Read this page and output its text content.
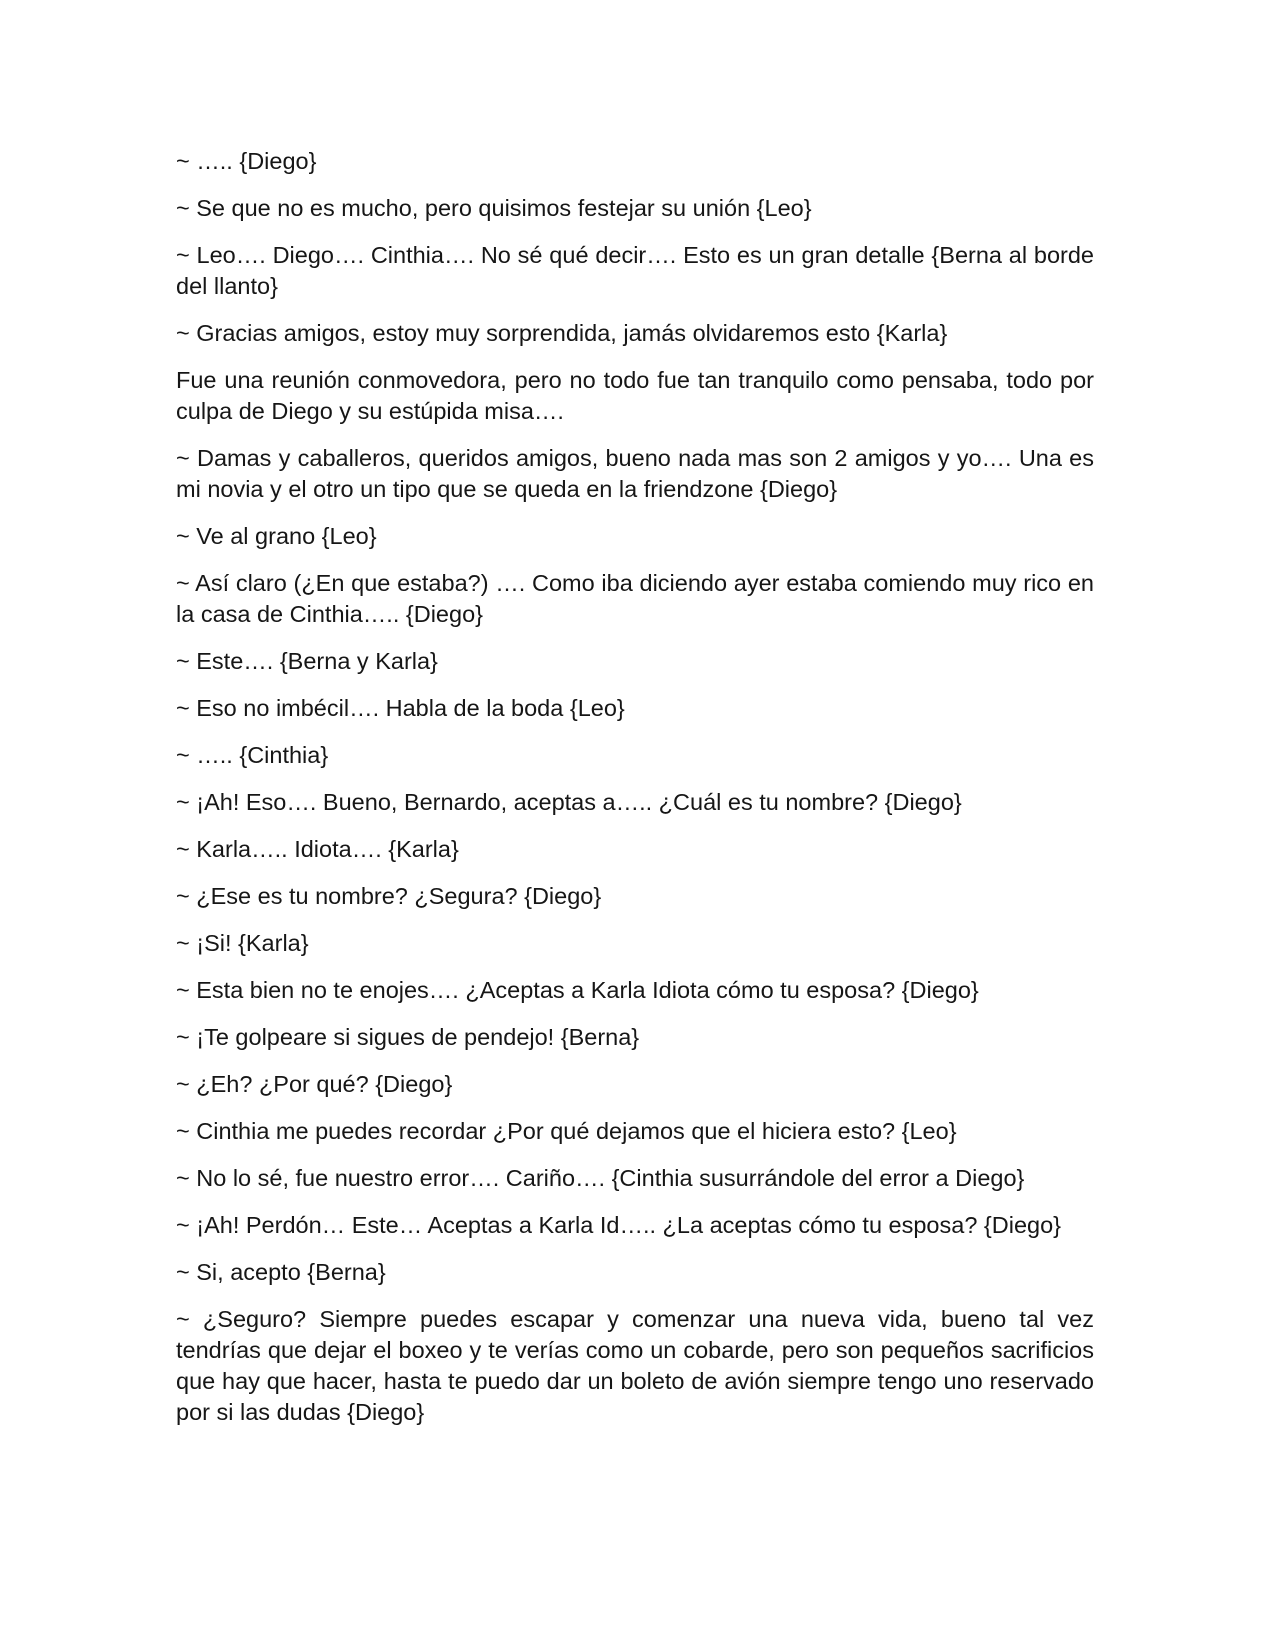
~ ….. {Diego}

~ Se que no es mucho, pero quisimos festejar su unión {Leo}

~ Leo…. Diego…. Cinthia…. No sé qué decir…. Esto es un gran detalle {Berna al borde del llanto}

~ Gracias amigos, estoy muy sorprendida, jamás olvidaremos esto {Karla}

Fue una reunión conmovedora, pero no todo fue tan tranquilo como pensaba, todo por culpa de Diego y su estúpida misa….

~ Damas y caballeros, queridos amigos, bueno nada mas son 2 amigos y yo…. Una es mi novia y el otro un tipo que se queda en la friendzone {Diego}

~ Ve al grano {Leo}

~ Así claro (¿En que estaba?) …. Como iba diciendo ayer estaba comiendo muy rico en la casa de Cinthia….. {Diego}

~ Este…. {Berna y Karla}

~ Eso no imbécil…. Habla de la boda {Leo}

~ ….. {Cinthia}

~ ¡Ah! Eso…. Bueno, Bernardo, aceptas a….. ¿Cuál es tu nombre? {Diego}

~ Karla….. Idiota…. {Karla}

~ ¿Ese es tu nombre? ¿Segura? {Diego}

~ ¡Si! {Karla}

~ Esta bien no te enojes…. ¿Aceptas a Karla Idiota cómo tu esposa? {Diego}

~ ¡Te golpeare si sigues de pendejo! {Berna}

~ ¿Eh? ¿Por qué? {Diego}

~ Cinthia me puedes recordar ¿Por qué dejamos que el hiciera esto? {Leo}

~ No lo sé, fue nuestro error…. Cariño…. {Cinthia susurrándole del error a Diego}

~ ¡Ah! Perdón… Este… Aceptas a Karla Id….. ¿La aceptas cómo tu esposa? {Diego}

~ Si, acepto {Berna}

~ ¿Seguro? Siempre puedes escapar y comenzar una nueva vida, bueno tal vez tendrías que dejar el boxeo y te verías como un cobarde, pero son pequeños sacrificios que hay que hacer, hasta te puedo dar un boleto de avión siempre tengo uno reservado por si las dudas {Diego}
